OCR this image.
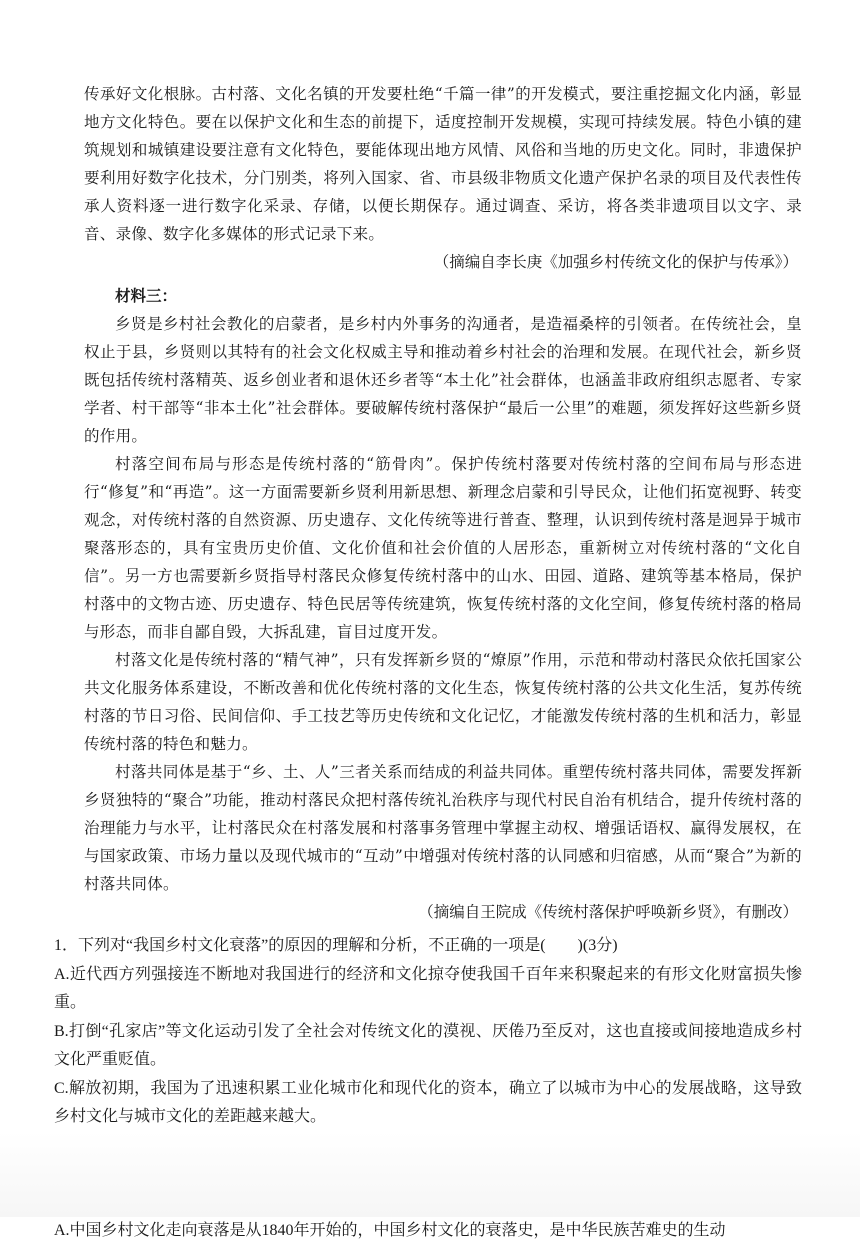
传承好文化根脉。古村落、文化名镇的开发要杜绝“千篇一律”的开发模式，要注重挖掘文化内涵，彰显地方文化特色。要在以保护文化和生态的前提下，适度控制开发规模，实现可持续发展。特色小镇的建筑规划和城镇建设要注意有文化特色，要能体现出地方风情、风俗和当地的历史文化。同时，非遗保护要利用好数字化技术，分门别类，将列入国家、省、市县级非物质文化遗产保护名录的项目及代表性传承人资料逐一进行数字化采录、存储，以便长期保存。通过调查、采访，将各类非遗项目以文字、录音、录像、数字化多媒体的形式记录下来。

（摘编自李长庚《加强乡村传统文化的保护与传承》）

材料三：

乡贤是乡村社会教化的启蒙者，是乡村内外事务的沟通者，是造福桑梓的引领者。在传统社会，皇权止于县，乡贤则以其特有的社会文化权威主导和推动着乡村社会的治理和发展。在现代社会，新乡贤既包括传统村落精英、返乡创业者和退休还乡者等“本土化”社会群体，也涵盖非政府组织志愿者、专家学者、村干部等“非本土化”社会群体。要破解传统村落保护“最后一公里”的难题，须发挥好这些新乡贤的作用。

村落空间布局与形态是传统村落的“筋骨肉”。保护传统村落要对传统村落的空间布局与形态进行“修复”和“再造”。这一方面需要新乡贤利用新思想、新理念启蒙和引导民众，让他们拓宽视野、转变观念，对传统村落的自然资源、历史遗存、文化传统等进行普查、整理，认识到传统村落是迥异于城市聚落形态的，具有宝贵历史价值、文化价值和社会价值的人居形态，重新树立对传统村落的“文化自信”。另一方也需要新乡贤指导村落民众修复传统村落中的山水、田园、道路、建筑等基本格局，保护村落中的文物古迹、历史遗存、特色民居等传统建筑，恢复传统村落的文化空间，修复传统村落的格局与形态，而非自鄙自毁，大拆乱建，盲目过度开发。

村落文化是传统村落的“精气神”，只有发挥新乡贤的“燎原”作用，示范和带动村落民众依托国家公共文化服务体系建设，不断改善和优化传统村落的文化生态，恢复传统村落的公共文化生活，复苏传统村落的节日习俗、民间信仰、手工技艺等历史传统和文化记忆，才能激发传统村落的生机和活力，彰显传统村落的特色和魅力。

村落共同体是基于“乡、土、人”三者关系而结成的利益共同体。重塑传统村落共同体，需要发挥新乡贤独特的“聚合”功能，推动村落民众把村落传统礼治秩序与现代村民自治有机结合，提升传统村落的治理能力与水平，让村落民众在村落发展和村落事务管理中掌握主动权、增强话语权、赢得发展权，在与国家政策、市场力量以及现代城市的“互动”中增强对传统村落的认同感和归宿感，从而“聚合”为新的村落共同体。

（摘编自王院成《传统村落保护呼唤新乡贤》，有删改）

1．下列对“我国乡村文化衰落”的原因的理解和分析，不正确的一项是(　　)(3分)

A.近代西方列强接连不断地对我国进行的经济和文化掠夺使我国千百年来积聚起来的有形文化财富损失惨重。

B.打倒“孔家店”等文化运动引发了全社会对传统文化的漠视、厌倦乃至反对，这也直接或间接地造成乡村文化严重贬值。

C.解放初期，我国为了迅速积累工业化城市化和现代化的资本，确立了以城市为中心的发展战略，这导致乡村文化与城市文化的差距越来越大。

A.中国乡村文化走向衰落是从1840年开始的，中国乡村文化的衰落史，是中华民族苦难史的生动
